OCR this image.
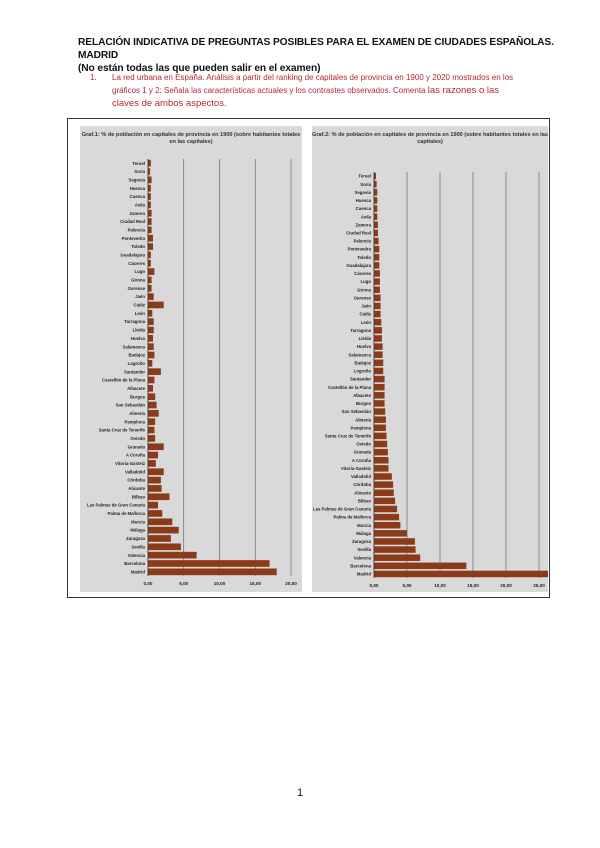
RELACIÓN INDICATIVA DE PREGUNTAS POSIBLES PARA EL EXAMEN DE CIUDADES ESPAÑOLAS. MADRID
(No están todas las que pueden salir en el examen)
1.	La red urbana en España. Análisis a partir del ranking de capitales de provincia en 1900 y 2020 mostrados en los gráficos 1 y 2: Señala las características actuales y los contrastes observados. Comenta las razones o las claves de ambos aspectos.
Graf.1: % de población en capitales de provincia en 1900 (sobre habitantes totales en las capitales)
0,00	5,00	10,00	15,00	20,00
Teruel
Soria
Segovia
Huesca
Cuenca
Ávila
Zamora
Ciudad Real
Palencia
Pontevedra
Toledo
Guadalajara
Cáceres
Lugo
Girona
Ourense
Jaén
Cádiz
León
Tarragona
Lleida
Huelva
Salamanca
Badajoz
Logroño
Santander
Castellón de la Plana
Albacete
Burgos
San Sebastián
Almería
Pamplona
Santa Cruz de Tenerife
Oviedo
Granada
A Coruña
Vitoria-Gasteiz
Valladolid
Córdoba
Alicante
Bilbao
Las Palmas de Gran Canaria
Palma de Mallorca
Murcia
Málaga
Zaragoza
Sevilla
Valencia
Barcelona
Madrid
Graf.2: % de población en capitales de provincia en 1900 (sobre habitantes totales en las capitales)
0,00	5,00	10,00	15,00	20,00	25,00
Teruel
Soria
Segovia
Huesca
Cuenca
Ávila
Zamora
Ciudad Real
Palencia
Pontevedra
Toledo
Guadalajara
Cáceres
Lugo
Girona
Ourense
Jaén
Cádiz
León
Tarragona
Lleida
Huelva
Salamanca
Badajoz
Logroño
Santander
Castellón de la Plana
Albacete
Burgos
San Sebastián
Almería
Pamplona
Santa Cruz de Tenerife
Oviedo
Granada
A Coruña
Vitoria-Gasteiz
Valladolid
Córdoba
Alicante
Bilbao
Las Palmas de Gran Canaria
Palma de Mallorca
Murcia
Málaga
Zaragoza
Sevilla
Valencia
Barcelona
Madrid
1
